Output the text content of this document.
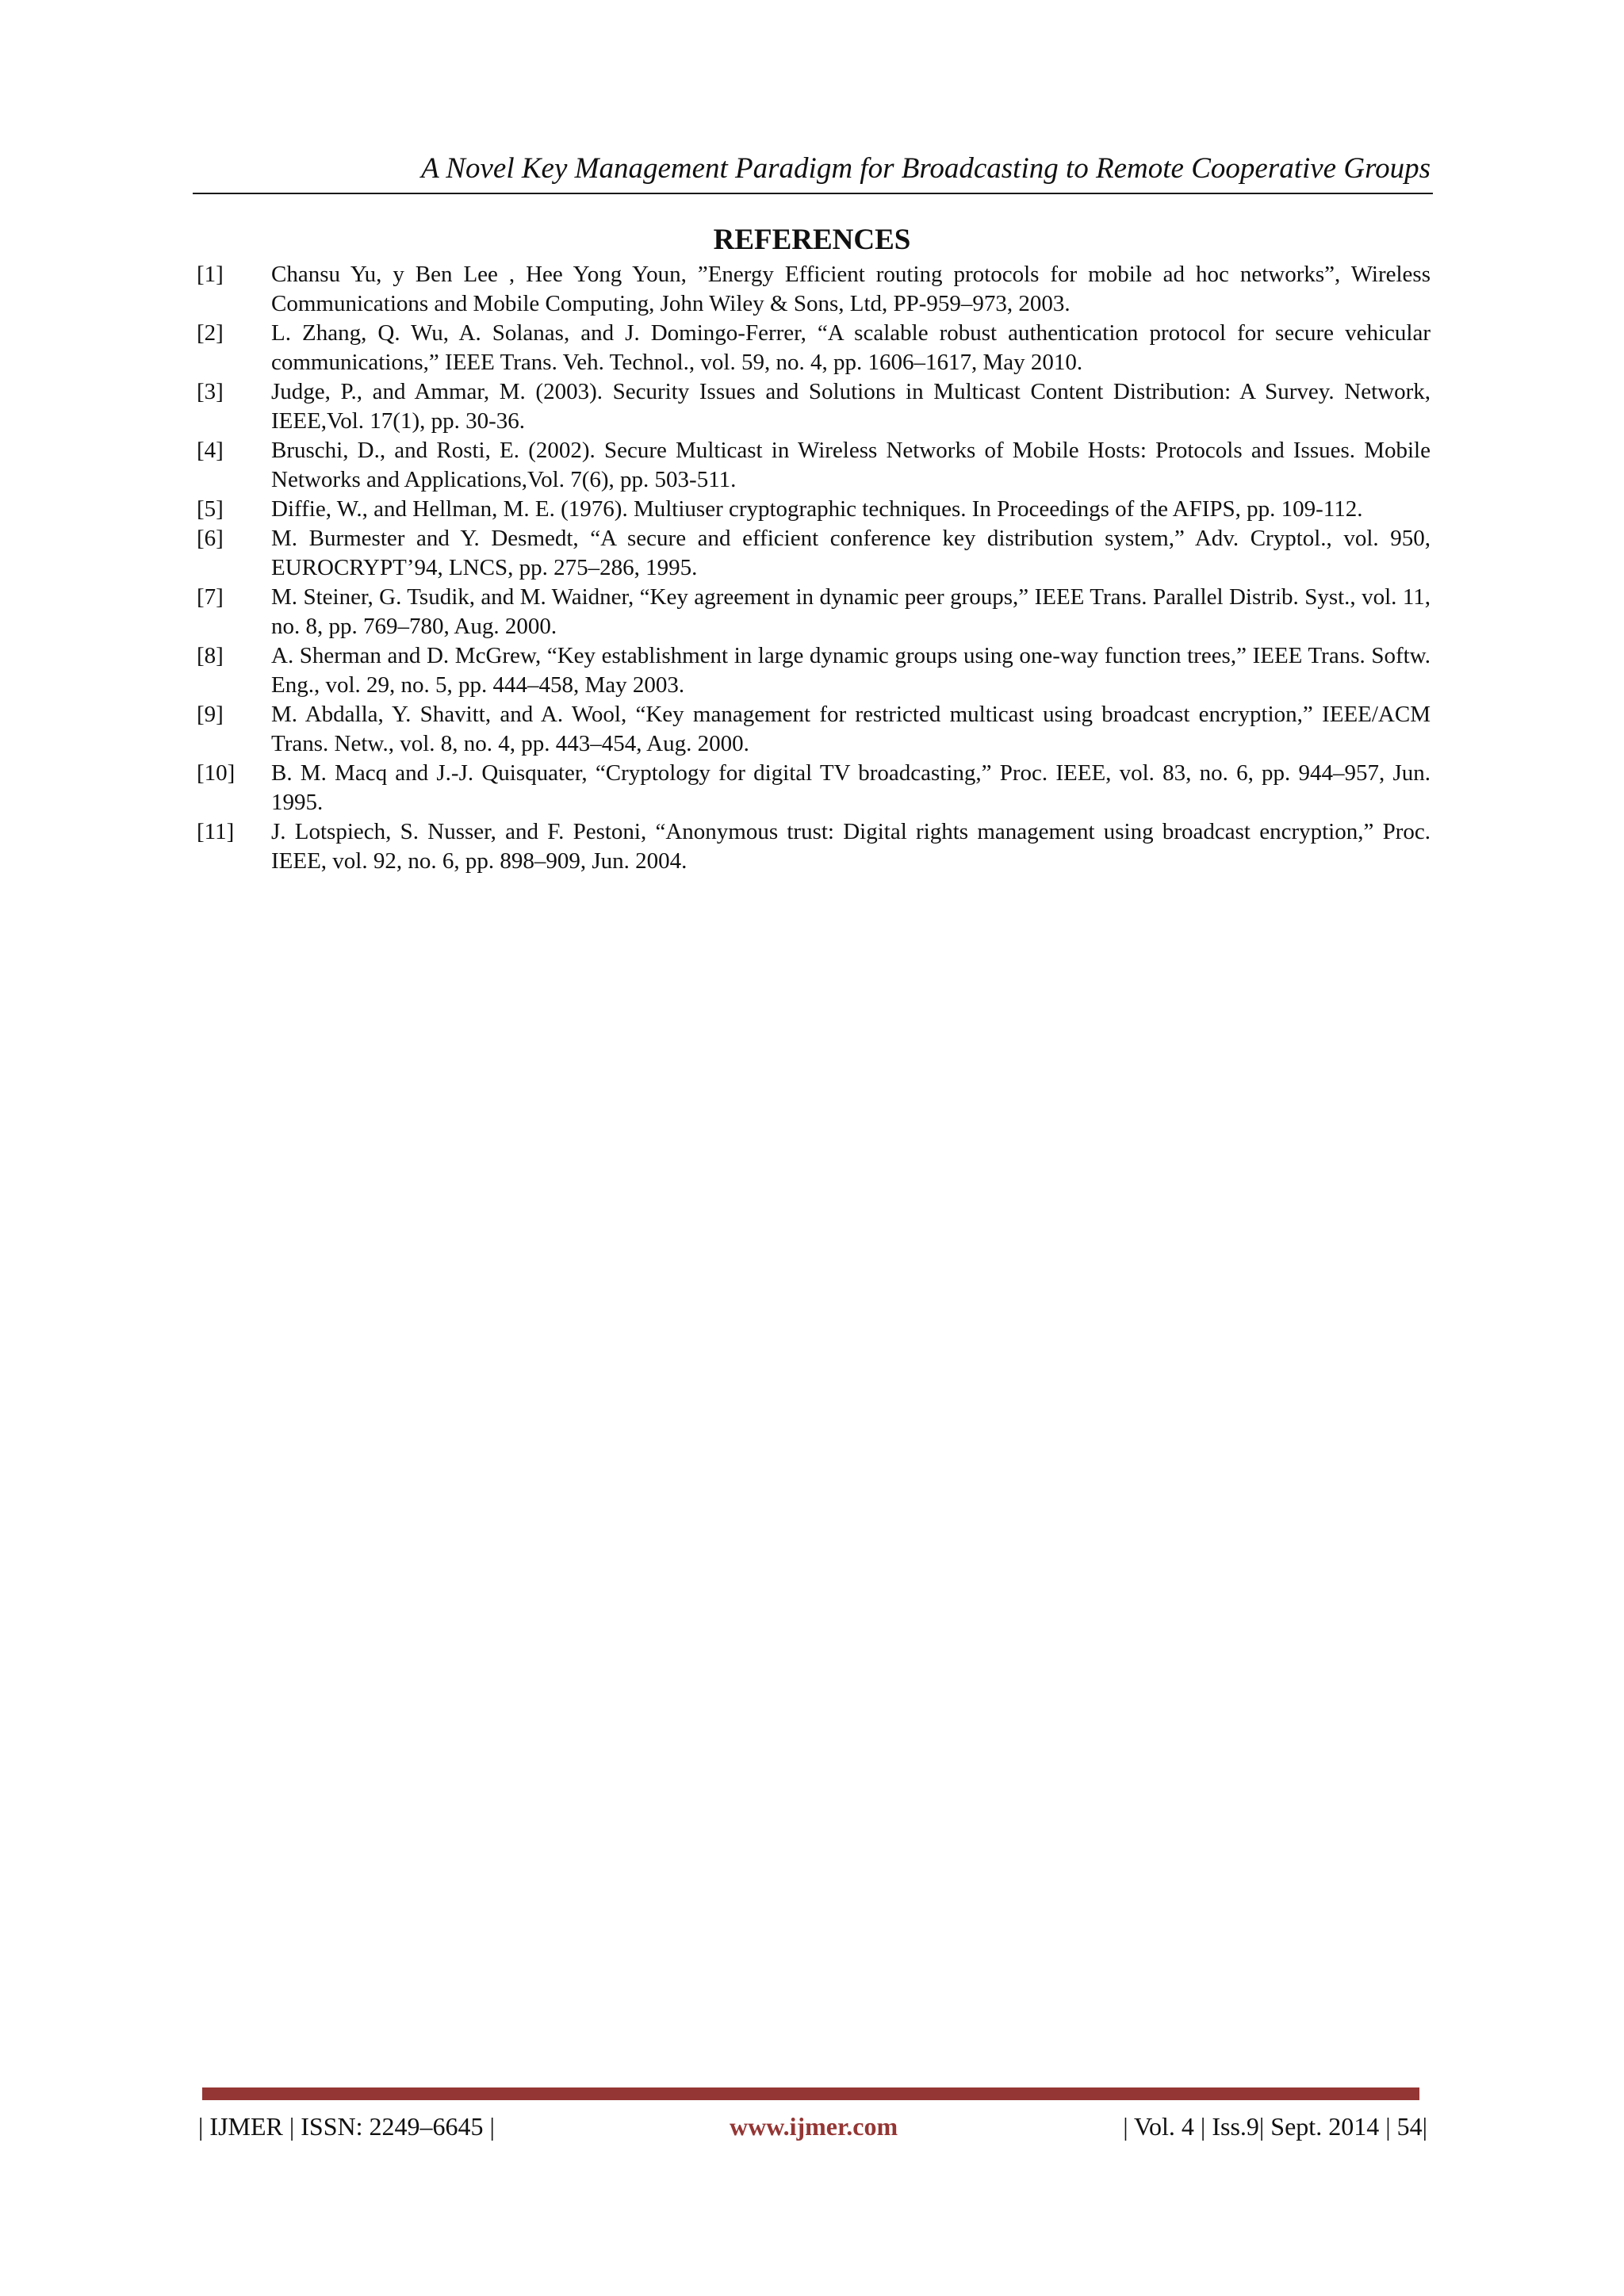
A Novel Key Management Paradigm for Broadcasting to Remote Cooperative Groups
REFERENCES
[1] Chansu Yu, y Ben Lee , Hee Yong Youn, ”Energy Efficient routing protocols for mobile ad hoc networks”, Wireless Communications and Mobile Computing, John Wiley & Sons, Ltd, PP-959–973, 2003.
[2] L. Zhang, Q. Wu, A. Solanas, and J. Domingo-Ferrer, “A scalable robust authentication protocol for secure vehicular communications,” IEEE Trans. Veh. Technol., vol. 59, no. 4, pp. 1606–1617, May 2010.
[3] Judge, P., and Ammar, M. (2003). Security Issues and Solutions in Multicast Content Distribution: A Survey. Network, IEEE,Vol. 17(1), pp. 30-36.
[4] Bruschi, D., and Rosti, E. (2002). Secure Multicast in Wireless Networks of Mobile Hosts: Protocols and Issues. Mobile Networks and Applications,Vol. 7(6), pp. 503-511.
[5] Diffie, W., and Hellman, M. E. (1976). Multiuser cryptographic techniques. In Proceedings of the AFIPS, pp. 109-112.
[6] M. Burmester and Y. Desmedt, “A secure and efficient conference key distribution system,” Adv. Cryptol., vol. 950, EUROCRYPT’94, LNCS, pp. 275–286, 1995.
[7] M. Steiner, G. Tsudik, and M. Waidner, “Key agreement in dynamic peer groups,” IEEE Trans. Parallel Distrib. Syst., vol. 11, no. 8, pp. 769–780, Aug. 2000.
[8] A. Sherman and D. McGrew, “Key establishment in large dynamic groups using one-way function trees,” IEEE Trans. Softw. Eng., vol. 29, no. 5, pp. 444–458, May 2003.
[9] M. Abdalla, Y. Shavitt, and A. Wool, “Key management for restricted multicast using broadcast encryption,” IEEE/ACM Trans. Netw., vol. 8, no. 4, pp. 443–454, Aug. 2000.
[10] B. M. Macq and J.-J. Quisquater, “Cryptology for digital TV broadcasting,” Proc. IEEE, vol. 83, no. 6, pp. 944–957, Jun. 1995.
[11] J. Lotspiech, S. Nusser, and F. Pestoni, “Anonymous trust: Digital rights management using broadcast encryption,” Proc. IEEE, vol. 92, no. 6, pp. 898–909, Jun. 2004.
| IJMER | ISSN: 2249–6645 |	www.ijmer.com	| Vol. 4 | Iss.9| Sept. 2014 | 54|
